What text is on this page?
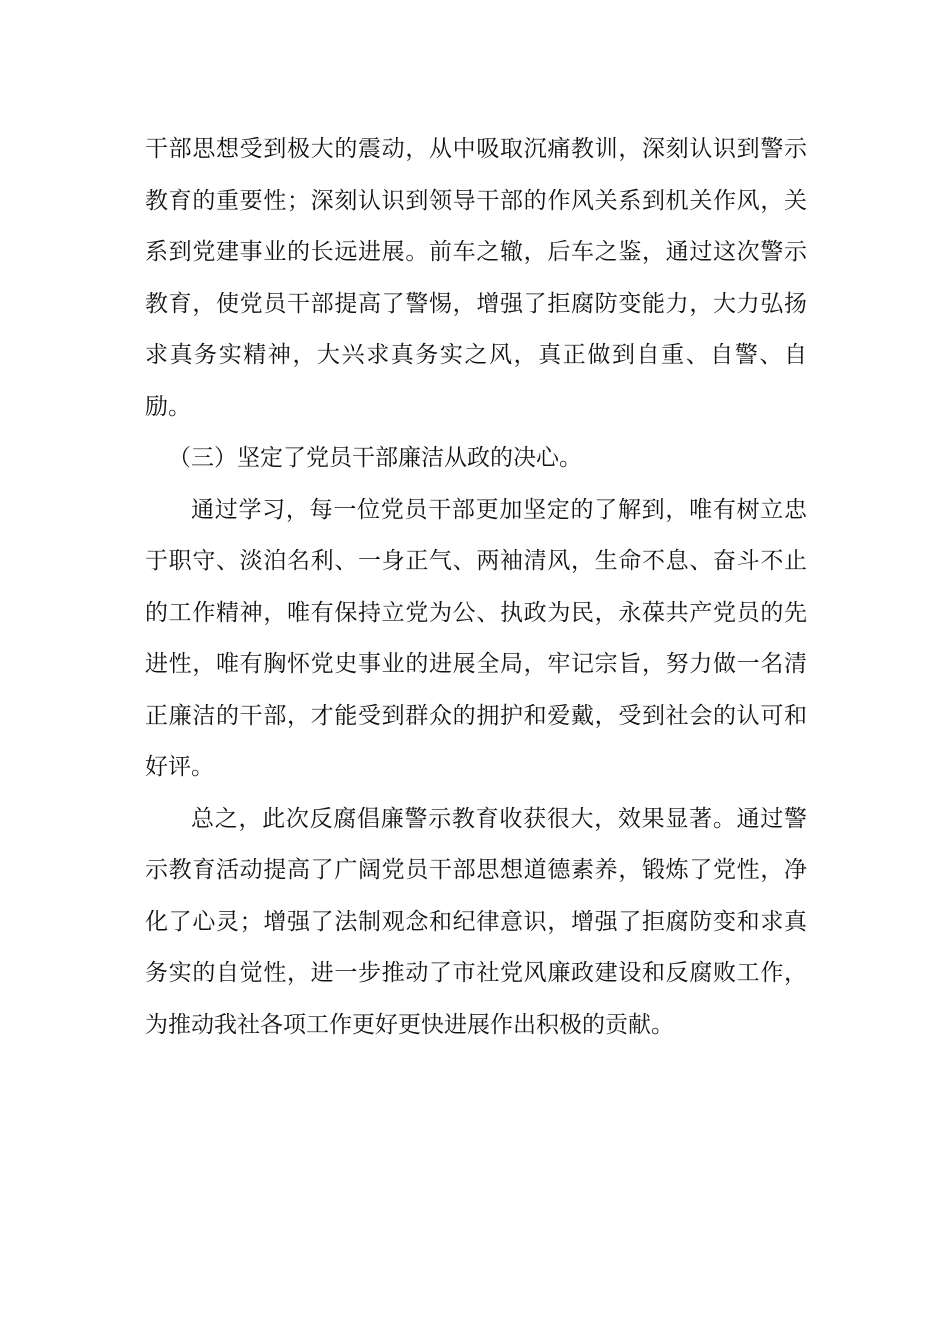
干部思想受到极大的震动，从中吸取沉痛教训，深刻认识到警示教育的重要性；深刻认识到领导干部的作风关系到机关作风，关系到党建事业的长远进展。前车之辙，后车之鉴，通过这次警示教育，使党员干部提高了警惕，增强了拒腐防变能力，大力弘扬求真务实精神，大兴求真务实之风，真正做到自重、自警、自励。

（三）坚定了党员干部廉洁从政的决心。

通过学习，每一位党员干部更加坚定的了解到，唯有树立忠于职守、淡泊名利、一身正气、两袖清风，生命不息、奋斗不止的工作精神，唯有保持立党为公、执政为民，永葆共产党员的先进性，唯有胸怀党史事业的进展全局，牢记宗旨，努力做一名清正廉洁的干部，才能受到群众的拥护和爱戴，受到社会的认可和好评。

总之，此次反腐倡廉警示教育收获很大，效果显著。通过警示教育活动提高了广阔党员干部思想道德素养，锻炼了党性，净化了心灵；增强了法制观念和纪律意识，增强了拒腐防变和求真务实的自觉性，进一步推动了市社党风廉政建设和反腐败工作，为推动我社各项工作更好更快进展作出积极的贡献。
